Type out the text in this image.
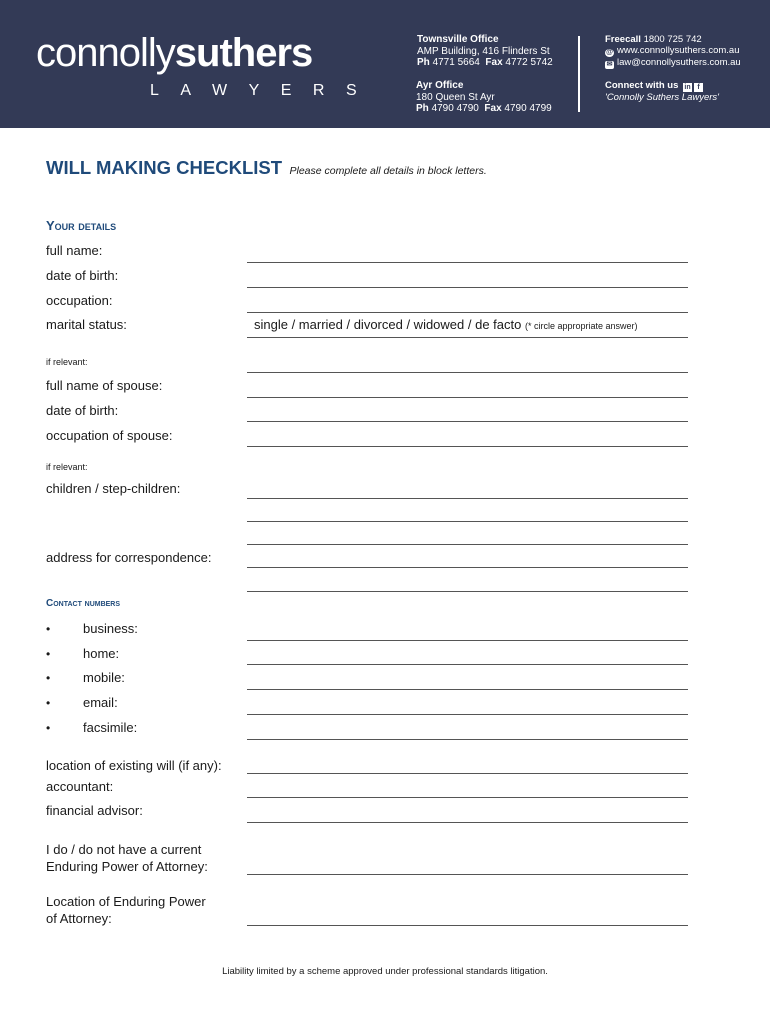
connollysuthers
LAWYERS
Townsville Office
AMP Building, 416 Flinders St
Ph 4771 5664 Fax 4772 5742
Ayr Office
180 Queen St Ayr
Ph 4790 4790 Fax 4790 4799
Freecall 1800 725 742
@ www.connollysuthers.com.au
✉ law@connollysuthers.com.au
Connect with us in f
'Connolly Suthers Lawyers'
WILL MAKING CHECKLIST Please complete all details in block letters.
Your details
full name:
date of birth:
occupation:
marital status:	single / married / divorced / widowed / de facto (* circle appropriate answer)
if relevant:
full name of spouse:
date of birth:
occupation of spouse:
if relevant:
children / step-children:
address for correspondence:
Contact numbers
•	business:
•	home:
•	mobile:
•	email:
•	facsimile:
location of existing will (if any):
accountant:
financial advisor:
I do / do not have a current
Enduring Power of Attorney:
Location of Enduring Power
of Attorney:
Liability limited by a scheme approved under professional standards litigation.
